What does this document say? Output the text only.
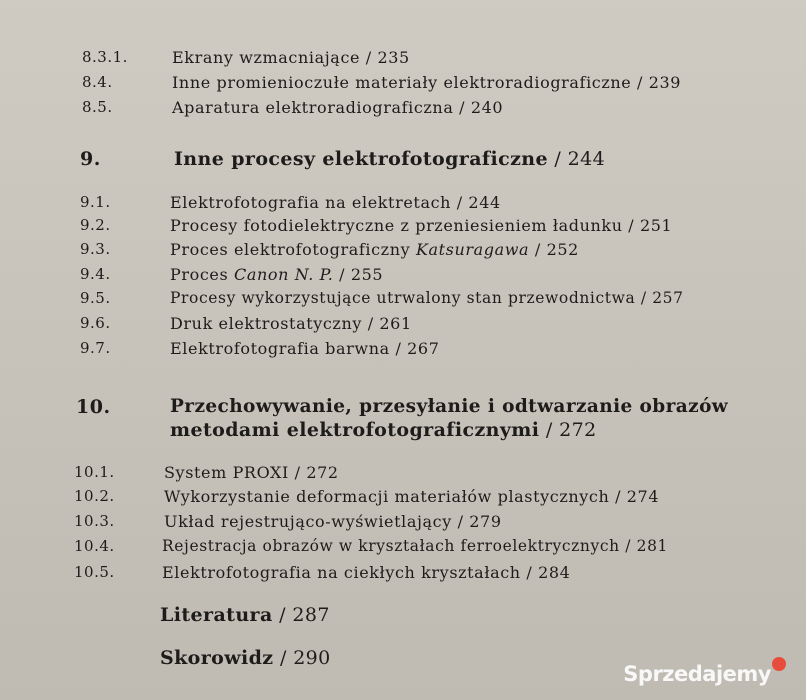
8.3.1.	Ekrany wzmacniające / 235
8.4.	Inne promienioczułe materiały elektroradiograficzne / 239
8.5.	Aparatura elektroradiograficzna / 240
9.	Inne procesy elektrofotograficzne / 244
9.1.	Elektrofotografia na elektretach / 244
9.2.	Procesy fotodielektryczne z przeniesieniem ładunku / 251
9.3.	Proces elektrofotograficzny Katsuragawa / 252
9.4.	Proces Canon N. P. / 255
9.5.	Procesy wykorzystujące utrwalony stan przewodnictwa / 257
9.6.	Druk elektrostatyczny / 261
9.7.	Elektrofotografia barwna / 267
10.	Przechowywanie, przesyłanie i odtwarzanie obrazów
metodami elektrofotograficznymi / 272
10.1.	System PROXI / 272
10.2.	Wykorzystanie deformacji materiałów plastycznych / 274
10.3.	Układ rejestrująco-wyświetlający / 279
10.4.	Rejestracja obrazów w kryształach ferroelektrycznych / 281
10.5.	Elektrofotografia na ciekłych kryształach / 284
Literatura / 287
Skorowidz / 290
Sprzedajemy
